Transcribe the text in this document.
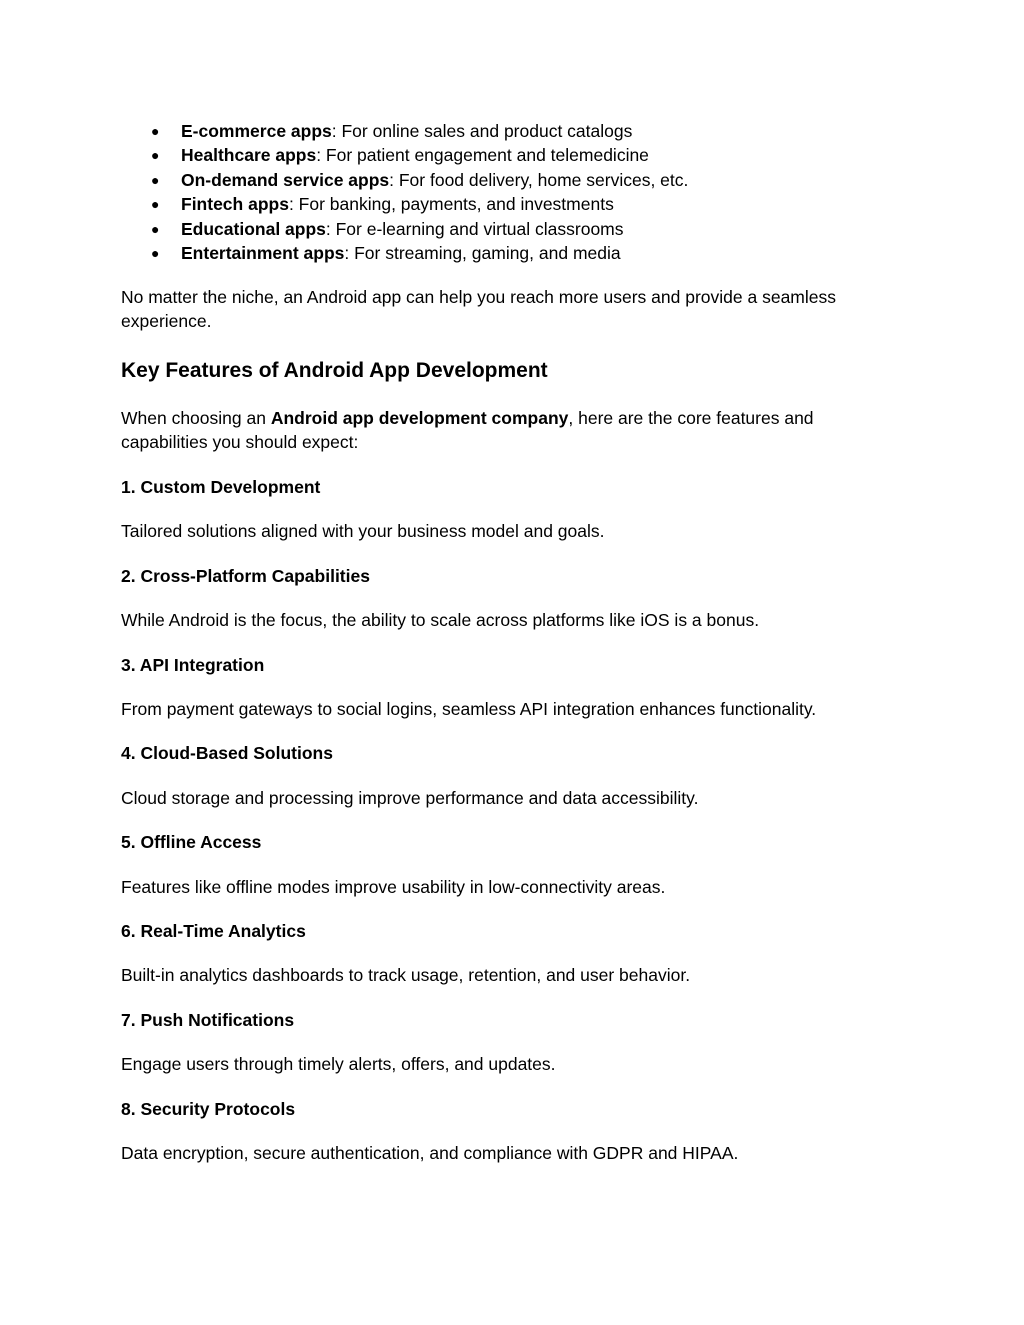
● E-commerce apps: For online sales and product catalogs
● Healthcare apps: For patient engagement and telemedicine
● On-demand service apps: For food delivery, home services, etc.
● Fintech apps: For banking, payments, and investments
● Educational apps: For e-learning and virtual classrooms
● Entertainment apps: For streaming, gaming, and media

No matter the niche, an Android app can help you reach more users and provide a seamless experience.

Key Features of Android App Development

When choosing an Android app development company, here are the core features and capabilities you should expect:

1. Custom Development

Tailored solutions aligned with your business model and goals.

2. Cross-Platform Capabilities

While Android is the focus, the ability to scale across platforms like iOS is a bonus.

3. API Integration

From payment gateways to social logins, seamless API integration enhances functionality.

4. Cloud-Based Solutions

Cloud storage and processing improve performance and data accessibility.

5. Offline Access

Features like offline modes improve usability in low-connectivity areas.

6. Real-Time Analytics

Built-in analytics dashboards to track usage, retention, and user behavior.

7. Push Notifications

Engage users through timely alerts, offers, and updates.

8. Security Protocols

Data encryption, secure authentication, and compliance with GDPR and HIPAA.
